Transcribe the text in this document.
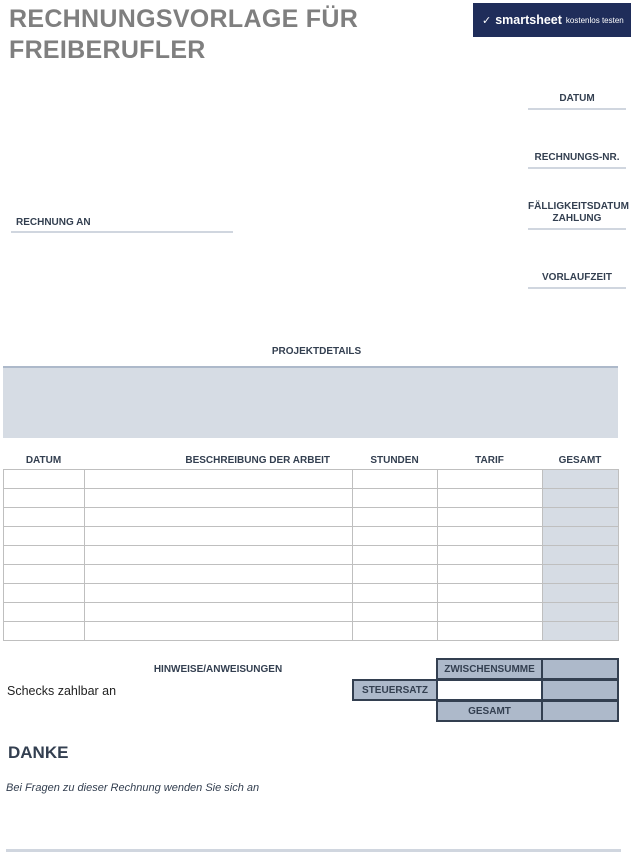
RECHNUNGSVORLAGE FÜR
FREIBERUFLER
✓ smartsheet kostenlos testen
DATUM
RECHNUNGS-NR.
FÄLLIGKEITSDATUM
ZAHLUNG
VORLAUFZEIT
RECHNUNG AN
PROJEKTDETAILS
DATUM	BESCHREIBUNG DER ARBEIT	STUNDEN	TARIF	GESAMT

HINWEISE/ANWEISUNGEN
Schecks zahlbar an
ZWISCHENSUMME
STEUERSATZ
GESAMT
DANKE
Bei Fragen zu dieser Rechnung wenden Sie sich an
